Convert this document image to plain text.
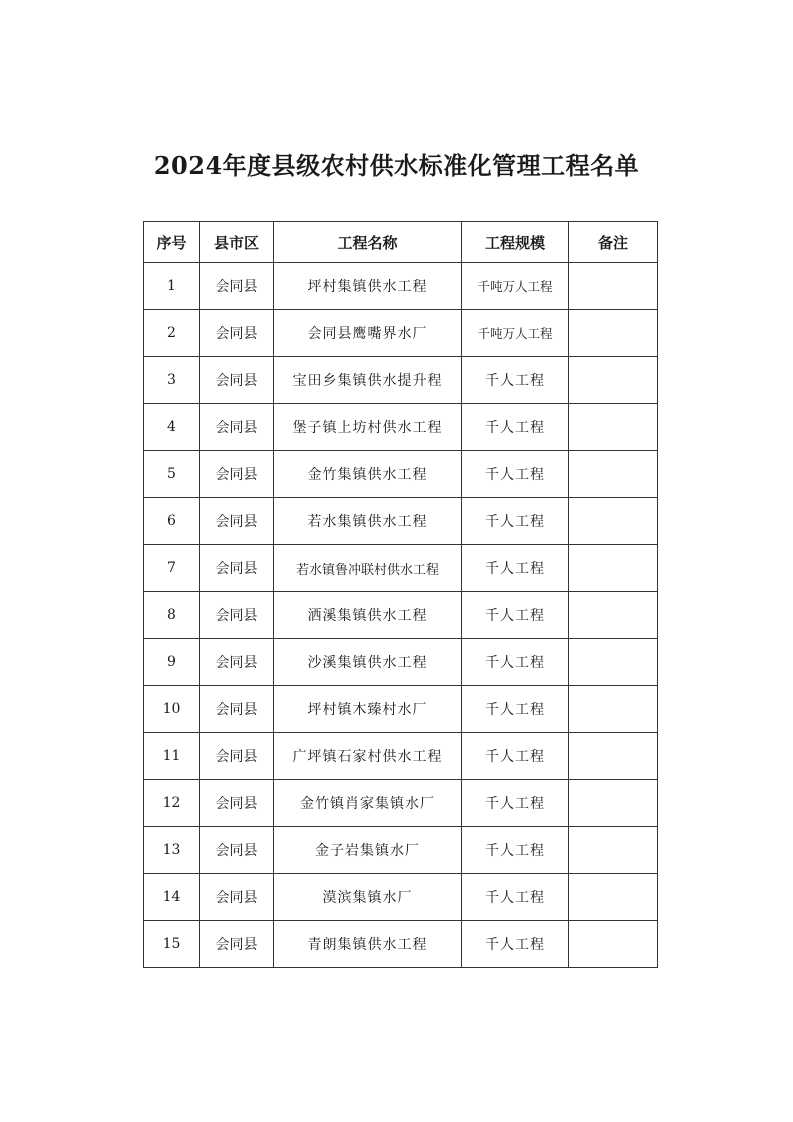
2024年度县级农村供水标准化管理工程名单
序号	县市区	工程名称	工程规模	备注
1	会同县	坪村集镇供水工程	千吨万人工程	
2	会同县	会同县鹰嘴界水厂	千吨万人工程	
3	会同县	宝田乡集镇供水提升程	千人工程	
4	会同县	堡子镇上坊村供水工程	千人工程	
5	会同县	金竹集镇供水工程	千人工程	
6	会同县	若水集镇供水工程	千人工程	
7	会同县	若水镇鲁冲联村供水工程	千人工程	
8	会同县	洒溪集镇供水工程	千人工程	
9	会同县	沙溪集镇供水工程	千人工程	
10	会同县	坪村镇木臻村水厂	千人工程	
11	会同县	广坪镇石家村供水工程	千人工程	
12	会同县	金竹镇肖家集镇水厂	千人工程	
13	会同县	金子岩集镇水厂	千人工程	
14	会同县	漠滨集镇水厂	千人工程	
15	会同县	青朗集镇供水工程	千人工程	
